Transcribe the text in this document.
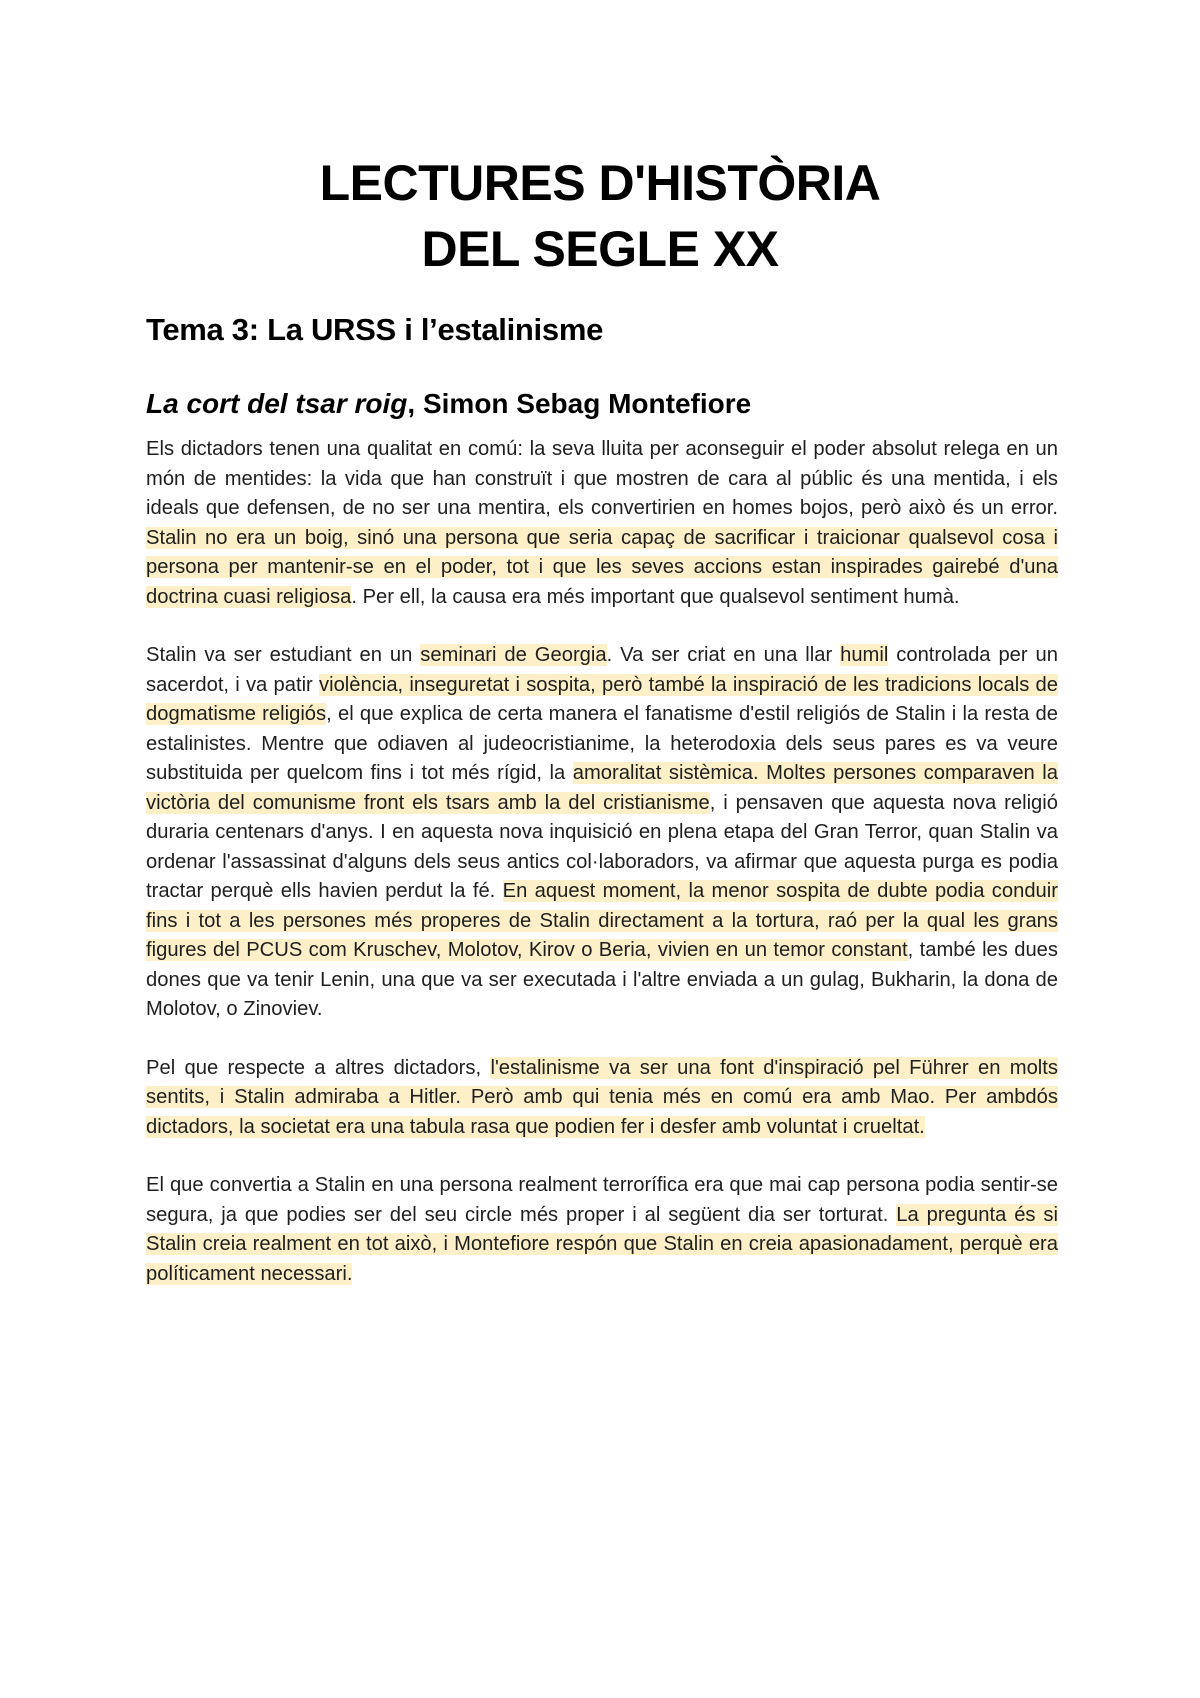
LECTURES D'HISTÒRIA
DEL SEGLE XX
Tema 3: La URSS i l’estalinisme
La cort del tsar roig, Simon Sebag Montefiore

Els dictadors tenen una qualitat en comú: la seva lluita per aconseguir el poder absolut relega en un món de mentides: la vida que han construït i que mostren de cara al públic és una mentida, i els ideals que defensen, de no ser una mentira, els convertirien en homes bojos, però això és un error. Stalin no era un boig, sinó una persona que seria capaç de sacrificar i traicionar qualsevol cosa i persona per mantenir-se en el poder, tot i que les seves accions estan inspirades gairebé d'una doctrina cuasi religiosa. Per ell, la causa era més important que qualsevol sentiment humà.

Stalin va ser estudiant en un seminari de Georgia. Va ser criat en una llar humil controlada per un sacerdot, i va patir violència, inseguretat i sospita, però també la inspiració de les tradicions locals de dogmatisme religiós, el que explica de certa manera el fanatisme d'estil religiós de Stalin i la resta de estalinistes. Mentre que odiaven al judeocristianime, la heterodoxia dels seus pares es va veure substituida per quelcom fins i tot més rígid, la amoralitat sistèmica. Moltes persones comparaven la victòria del comunisme front els tsars amb la del cristianisme, i pensaven que aquesta nova religió duraria centenars d'anys. I en aquesta nova inquisició en plena etapa del Gran Terror, quan Stalin va ordenar l'assassinat d'alguns dels seus antics col·laboradors, va afirmar que aquesta purga es podia tractar perquè ells havien perdut la fé. En aquest moment, la menor sospita de dubte podia conduir fins i tot a les persones més properes de Stalin directament a la tortura, raó per la qual les grans figures del PCUS com Kruschev, Molotov, Kirov o Beria, vivien en un temor constant, també les dues dones que va tenir Lenin, una que va ser executada i l'altre enviada a un gulag, Bukharin, la dona de Molotov, o Zinoviev.

Pel que respecte a altres dictadors, l'estalinisme va ser una font d'inspiració pel Führer en molts sentits, i Stalin admiraba a Hitler. Però amb qui tenia més en comú era amb Mao. Per ambdós dictadors, la societat era una tabula rasa que podien fer i desfer amb voluntat i crueltat.

El que convertia a Stalin en una persona realment terrorífica era que mai cap persona podia sentir-se segura, ja que podies ser del seu circle més proper i al següent dia ser torturat. La pregunta és si Stalin creia realment en tot això, i Montefiore respón que Stalin en creia apasionadament, perquè era políticament necessari.
